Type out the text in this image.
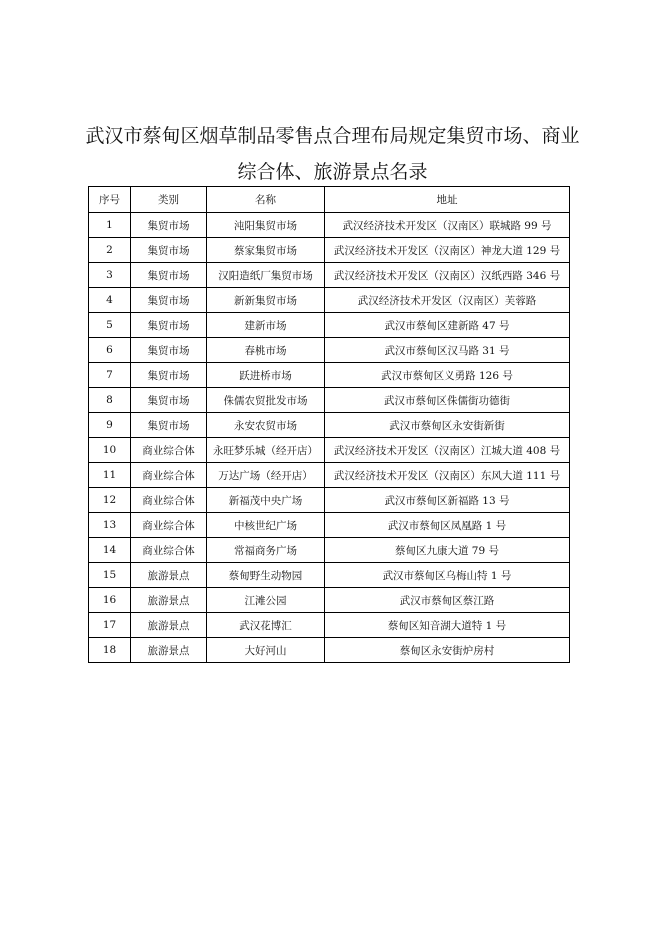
武汉市蔡甸区烟草制品零售点合理布局规定集贸市场、商业综合体、旅游景点名录
序号	类别	名称	地址
1	集贸市场	沌阳集贸市场	武汉经济技术开发区（汉南区）联城路 99 号
2	集贸市场	蔡家集贸市场	武汉经济技术开发区（汉南区）神龙大道 129 号
3	集贸市场	汉阳造纸厂集贸市场	武汉经济技术开发区（汉南区）汉纸西路 346 号
4	集贸市场	新新集贸市场	武汉经济技术开发区（汉南区）芙蓉路
5	集贸市场	建新市场	武汉市蔡甸区建新路 47 号
6	集贸市场	春桃市场	武汉市蔡甸区汉马路 31 号
7	集贸市场	跃进桥市场	武汉市蔡甸区义勇路 126 号
8	集贸市场	侏儒农贸批发市场	武汉市蔡甸区侏儒街功德街
9	集贸市场	永安农贸市场	武汉市蔡甸区永安街新街
10	商业综合体	永旺梦乐城（经开店）	武汉经济技术开发区（汉南区）江城大道 408 号
11	商业综合体	万达广场（经开店）	武汉经济技术开发区（汉南区）东风大道 111 号
12	商业综合体	新福茂中央广场	武汉市蔡甸区新福路 13 号
13	商业综合体	中核世纪广场	武汉市蔡甸区凤凰路 1 号
14	商业综合体	常福商务广场	蔡甸区九康大道 79 号
15	旅游景点	蔡甸野生动物园	武汉市蔡甸区乌梅山特 1 号
16	旅游景点	江滩公园	武汉市蔡甸区蔡江路
17	旅游景点	武汉花博汇	蔡甸区知音湖大道特 1 号
18	旅游景点	大好河山	蔡甸区永安街炉房村
